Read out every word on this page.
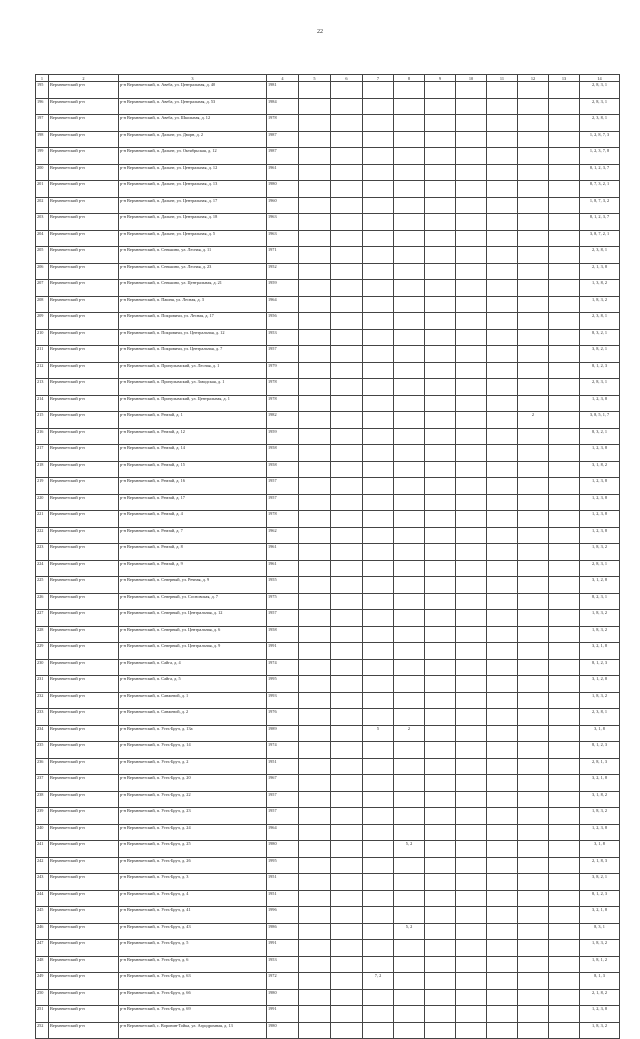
22
1	2	3	4	5	6	7	8	9	10	11	12	13	14
195	Верхнекетский р-н	р-н Верхнекетский, п. Авеба, ул. Центральная, д. 40	1981										2, 8, 3, 1
196	Верхнекетский р-н	р-н Верхнекетский, п. Авеба, ул. Центральная, д. 53	1984										2, 8, 3, 1
197	Верхнекетский р-н	р-н Верхнекетский, п. Авеба, ул. Школьная, д. 12	1978										2, 3, 8, 1
198	Верхнекетский р-н	р-н Верхнекетский, п. Дальне, ул. Дворн, д. 2	1987										1, 2, 8, 7, 3
199	Верхнекетский р-н	р-н Верхнекетский, п. Дальне, ул. Октябрьская, д. 12	1987										1, 2, 3, 7, 8
200	Верхнекетский р-н	р-н Верхнекетский, п. Дальне, ул. Центральная, д. 12	1961										8, 1, 2, 3, 7
201	Верхнекетский р-н	р-н Верхнекетский, п. Дальне, ул. Центральная, д. 13	1980										8, 7, 3, 2, 1
202	Верхнекетский р-н	р-н Верхнекетский, п. Дальне, ул. Центральная, д. 17	1960										1, 8, 7, 3, 2
203	Верхнекетский р-н	р-н Верхнекетский, п. Дальне, ул. Центральная, д. 18	1963										8, 1, 2, 3, 7
204	Верхнекетский р-н	р-н Верхнекетский, п. Дальне, ул. Центральная, д. 5	1963										3, 8, 7, 2, 1
205	Верхнекетский р-н	р-н Верхнекетский, п. Сенькино, ул. Лесная, д. 11	1971										2, 3, 8, 1
206	Верхнекетский р-н	р-н Верхнекетский, п. Сенькино, ул. Лесная, д. 23	1952										2, 1, 3, 8
207	Верхнекетский р-н	р-н Верхнекетский, п. Сенькино, ул. Центральная, д. 21	1959										1, 3, 8, 2
208	Верхнекетский р-н	р-н Верхнекетский, п. Пашня, ул. Лесная, д. 3	1964										1, 8, 3, 2
209	Верхнекетский р-н	р-н Верхнекетский, п. Покровичи, ул. Лесная, д. 17	1956										2, 3, 8, 1
210	Верхнекетский р-н	р-н Верхнекетский, п. Покровичи, ул. Центральная, д. 12	1953										8, 3, 2, 1
211	Верхнекетский р-н	р-н Верхнекетский, п. Покровичи, ул. Центральная, д. 7	1957										3, 8, 2, 1
212	Верхнекетский р-н	р-н Верхнекетский, п. Причулымский, ул. Лесная, д. 1	1979										8, 1, 2, 3
213	Верхнекетский р-н	р-н Верхнекетский, п. Причулымский, ул. Заводская, д. 1	1978										2, 8, 3, 1
214	Верхнекетский р-н	р-н Верхнекетский, п. Причулымский, ул. Центральная, д. 1	1978										1, 2, 3, 8
215	Верхнекетский р-н	р-н Верхнекетский, п. Ремзай, д. 1	1982								2		3, 8, 5, 1, 7
216	Верхнекетский р-н	р-н Верхнекетский, п. Ремзай, д. 12	1959										8, 3, 2, 1
217	Верхнекетский р-н	р-н Верхнекетский, п. Ремзай, д. 14	1958										1, 2, 3, 8
218	Верхнекетский р-н	р-н Верхнекетский, п. Ремзай, д. 15	1958										3, 1, 8, 2
219	Верхнекетский р-н	р-н Верхнекетский, п. Ремзай, д. 16	1957										1, 2, 3, 8
220	Верхнекетский р-н	р-н Верхнекетский, п. Ремзай, д. 17	1957										1, 2, 3, 8
221	Верхнекетский р-н	р-н Верхнекетский, п. Ремзай, д. 4	1978										1, 2, 3, 8
222	Верхнекетский р-н	р-н Верхнекетский, п. Ремзай, д. 7	1962										1, 2, 3, 8
223	Верхнекетский р-н	р-н Верхнекетский, п. Ремзай, д. 8	1961										1, 8, 3, 2
224	Верхнекетский р-н	р-н Верхнекетский, п. Ремзай, д. 9	1961										2, 8, 3, 1
225	Верхнекетский р-н	р-н Верхнекетский, п. Северный, ул. Речная, д. 9	1955										3, 1, 2, 8
226	Верхнекетский р-н	р-н Верхнекетский, п. Северный, ул. Сосновская, д. 7	1975										8, 2, 3, 1
227	Верхнекетский р-н	р-н Верхнекетский, п. Северный, ул. Центральная, д. 12	1957										1, 8, 3, 2
228	Верхнекетский р-н	р-н Верхнекетский, п. Северный, ул. Центральная, д. 6	1958										1, 8, 3, 2
229	Верхнекетский р-н	р-н Верхнекетский, п. Северный, ул. Центральная, д. 9	1991										3, 2, 1, 8
230	Верхнекетский р-н	р-н Верхнекетский, п. Сайга, д. 4	1974										8, 1, 2, 3
231	Верхнекетский р-н	р-н Верхнекетский, п. Сайга, д. 5	1995										3, 1, 2, 8
232	Верхнекетский р-н	р-н Верхнекетский, п. Санжевой, д. 1	1993										1, 8, 3, 2
233	Верхнекетский р-н	р-н Верхнекетский, п. Санжевой, д. 2	1976										2, 3, 8, 1
234	Верхнекетский р-н	р-н Верхнекетский, п. Усть-Бруч, д. 13а	1989			5	2						3, 1, 8
235	Верхнекетский р-н	р-н Верхнекетский, п. Усть-Бруч, д. 14	1974										8, 1, 2, 3
236	Верхнекетский р-н	р-н Верхнекетский, п. Усть-Бруч, д. 2	1951										2, 8, 1, 3
237	Верхнекетский р-н	р-н Верхнекетский, п. Усть-Бруч, д. 20	1967										3, 2, 1, 8
238	Верхнекетский р-н	р-н Верхнекетский, п. Усть-Бруч, д. 22	1957										3, 1, 8, 2
239	Верхнекетский р-н	р-н Верхнекетский, п. Усть-Бруч, д. 23	1957										1, 8, 3, 2
240	Верхнекетский р-н	р-н Верхнекетский, п. Усть-Бруч, д. 24	1964										1, 2, 3, 8
241	Верхнекетский р-н	р-н Верхнекетский, п. Усть-Бруч, д. 25	1980				5, 2						3, 1, 8
242	Верхнекетский р-н	р-н Верхнекетский, п. Усть-Бруч, д. 26	1995										2, 1, 8, 3
243	Верхнекетский р-н	р-н Верхнекетский, п. Усть-Бруч, д. 3	1951										3, 8, 2, 1
244	Верхнекетский р-н	р-н Верхнекетский, п. Усть-Бруч, д. 4	1951										8, 1, 2, 3
245	Верхнекетский р-н	р-н Верхнекетский, п. Усть-Бруч, д. 41	1996										3, 2, 1, 8
246	Верхнекетский р-н	р-н Верхнекетский, п. Усть-Бруч, д. 43	1986				5, 2						8, 3, 1
247	Верхнекетский р-н	р-н Верхнекетский, п. Усть-Бруч, д. 5	1991										1, 8, 3, 2
248	Верхнекетский р-н	р-н Верхнекетский, п. Усть-Бруч, д. 6	1953										1, 8, 1, 2
249	Верхнекетский р-н	р-н Верхнекетский, п. Усть-Бруч, д. 63	1972			7, 2							8, 1, 3
250	Верхнекетский р-н	р-н Верхнекетский, п. Усть-Бруч, д. 66	1980										2, 1, 8, 2
251	Верхнекетский р-н	р-н Верхнекетский, п. Усть-Бруч, д. 69	1991										1, 2, 3, 8
252	Верхнекетский р-н	р-н Верхнекетский, с. Воронин-Тойка, ул. Аэродромная, д. 13	1980										1, 8, 3, 2
